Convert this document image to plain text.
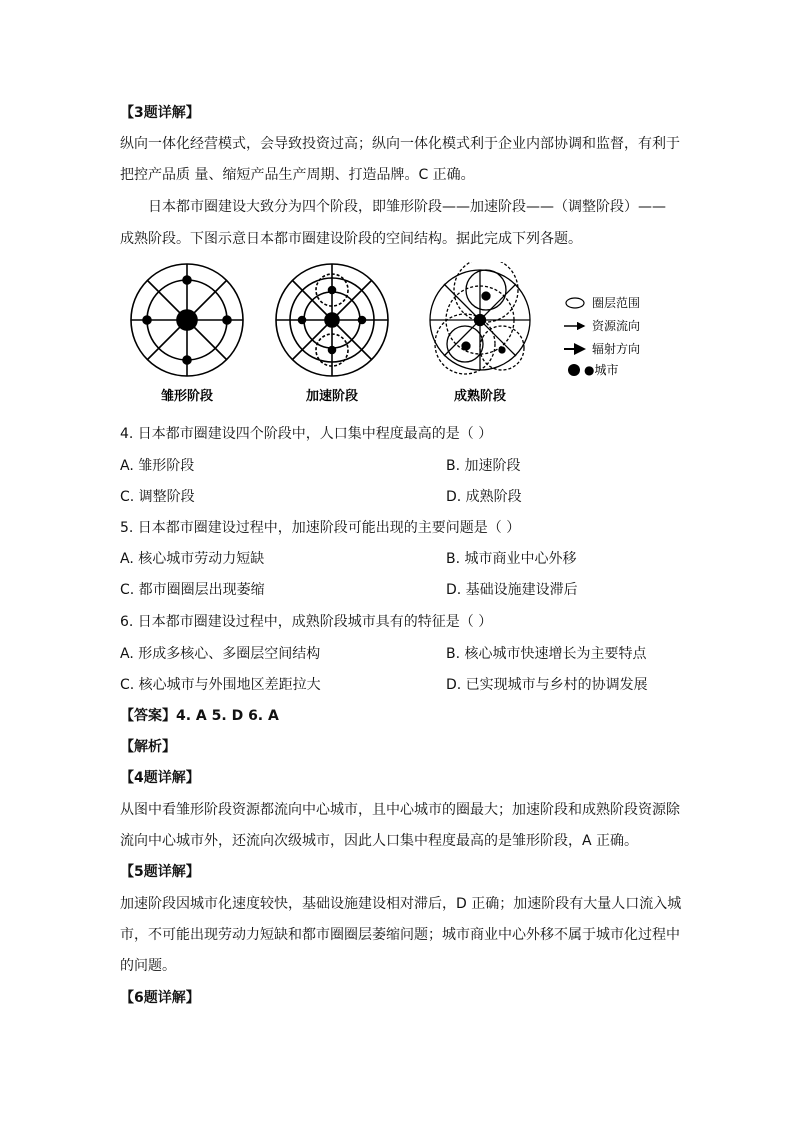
【3题详解】
纵向一体化经营模式，会导致投资过高；纵向一体化模式利于企业内部协调和监督，有利于
把控产品质 量、缩短产品生产周期、打造品牌。C 正确。
日本都市圈建设大致分为四个阶段，即雏形阶段——加速阶段——（调整阶段）——
成熟阶段。下图示意日本都市圈建设阶段的空间结构。据此完成下列各题。
雏形阶段	加速阶段	成熟阶段
圈层范围
资源流向
辐射方向
●城市
4. 日本都市圈建设四个阶段中，人口集中程度最高的是（ ）
A. 雏形阶段	B. 加速阶段
C. 调整阶段	D. 成熟阶段
5. 日本都市圈建设过程中，加速阶段可能出现的主要问题是（ ）
A. 核心城市劳动力短缺	B. 城市商业中心外移
C. 都市圈圈层出现萎缩	D. 基础设施建设滞后
6. 日本都市圈建设过程中，成熟阶段城市具有的特征是（ ）
A. 形成多核心、多圈层空间结构	B. 核心城市快速增长为主要特点
C. 核心城市与外围地区差距拉大	D. 已实现城市与乡村的协调发展
【答案】4. A 5. D 6. A
【解析】
【4题详解】
从图中看雏形阶段资源都流向中心城市，且中心城市的圈最大；加速阶段和成熟阶段资源除
流向中心城市外，还流向次级城市，因此人口集中程度最高的是雏形阶段，A 正确。
【5题详解】
加速阶段因城市化速度较快，基础设施建设相对滞后，D 正确；加速阶段有大量人口流入城
市，不可能出现劳动力短缺和都市圈圈层萎缩问题；城市商业中心外移不属于城市化过程中
的问题。
【6题详解】
